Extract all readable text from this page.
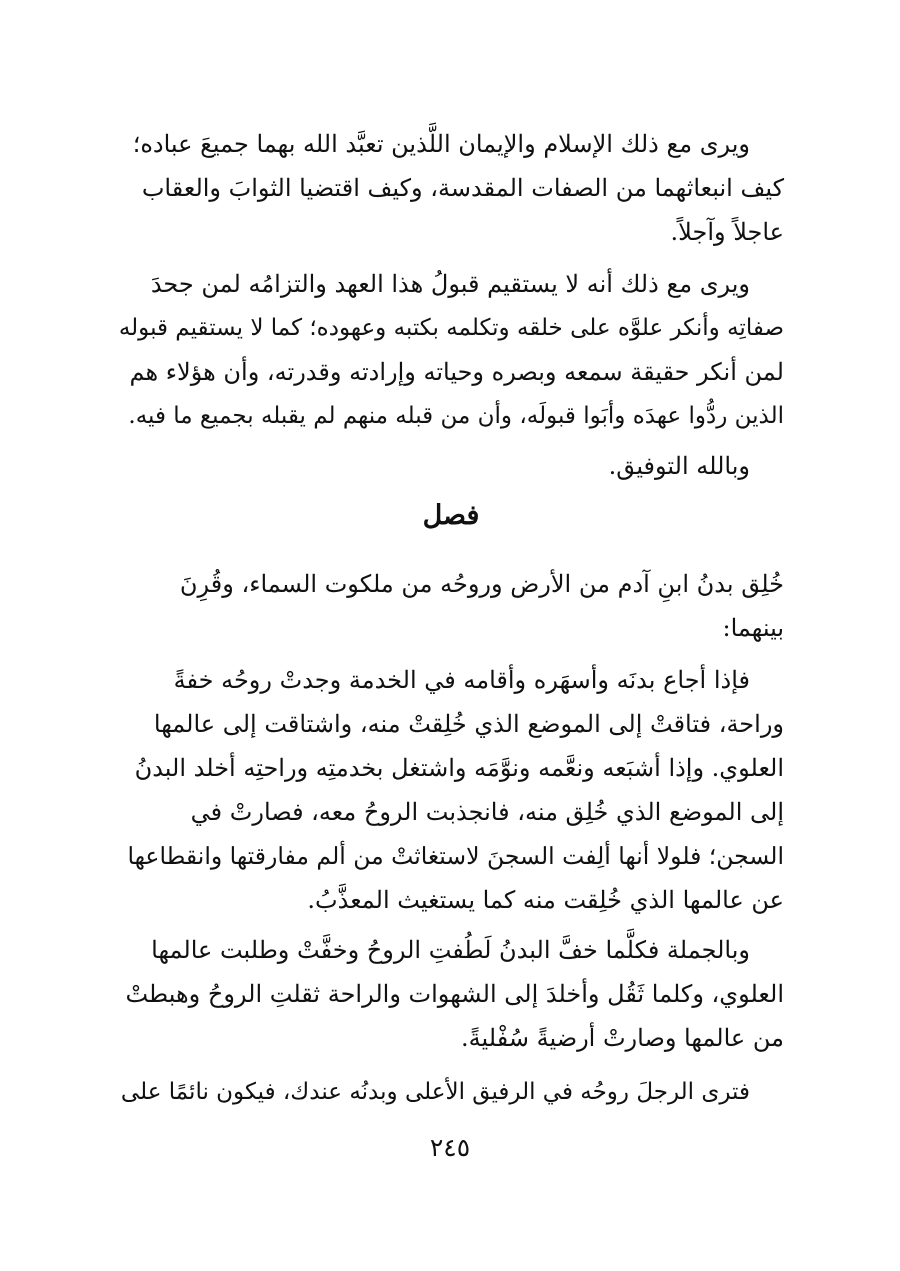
ويرى مع ذلك الإسلام والإيمان اللَّذين تعبَّد الله بهما جميعَ عباده؛
كيف انبعاثهما من الصفات المقدسة، وكيف اقتضيا الثوابَ والعقاب
عاجلاً وآجلاً.
ويرى مع ذلك أنه لا يستقيم قبولُ هذا العهد والتزامُه لمن جحدَ
صفاتِه وأنكر علوَّه على خلقه وتكلمه بكتبه وعهوده؛ كما لا يستقيم قبوله
لمن أنكر حقيقة سمعه وبصره وحياته وإرادته وقدرته، وأن هؤلاء هم
الذين ردُّوا عهدَه وأبَوا قبولَه، وأن من قبله منهم لم يقبله بجميع ما فيه.
وبالله التوفيق.
فصل
خُلِق بدنُ ابنِ آدم من الأرض وروحُه من ملكوت السماء، وقُرِنَ
بينهما:
فإذا أجاع بدنَه وأسهَره وأقامه في الخدمة وجدتْ روحُه خفةً
وراحة، فتاقتْ إلى الموضع الذي خُلِقتْ منه، واشتاقت إلى عالمها
العلوي. وإذا أشبَعه ونعَّمه ونوَّمَه واشتغل بخدمتِه وراحتِه أخلد البدنُ
إلى الموضع الذي خُلِق منه، فانجذبت الروحُ معه، فصارتْ في
السجن؛ فلولا أنها ألِفت السجنَ لاستغاثتْ من ألم مفارقتها وانقطاعها
عن عالمها الذي خُلِقت منه كما يستغيث المعذَّبُ.
وبالجملة فكلَّما خفَّ البدنُ لَطُفتِ الروحُ وخفَّتْ وطلبت عالمها
العلوي، وكلما ثَقُل وأخلدَ إلى الشهوات والراحة ثقلتِ الروحُ وهبطتْ
من عالمها وصارتْ أرضيةً سُفْليةً.
فترى الرجلَ روحُه في الرفيق الأعلى وبدنُه عندك، فيكون نائمًا على
٢٤٥
